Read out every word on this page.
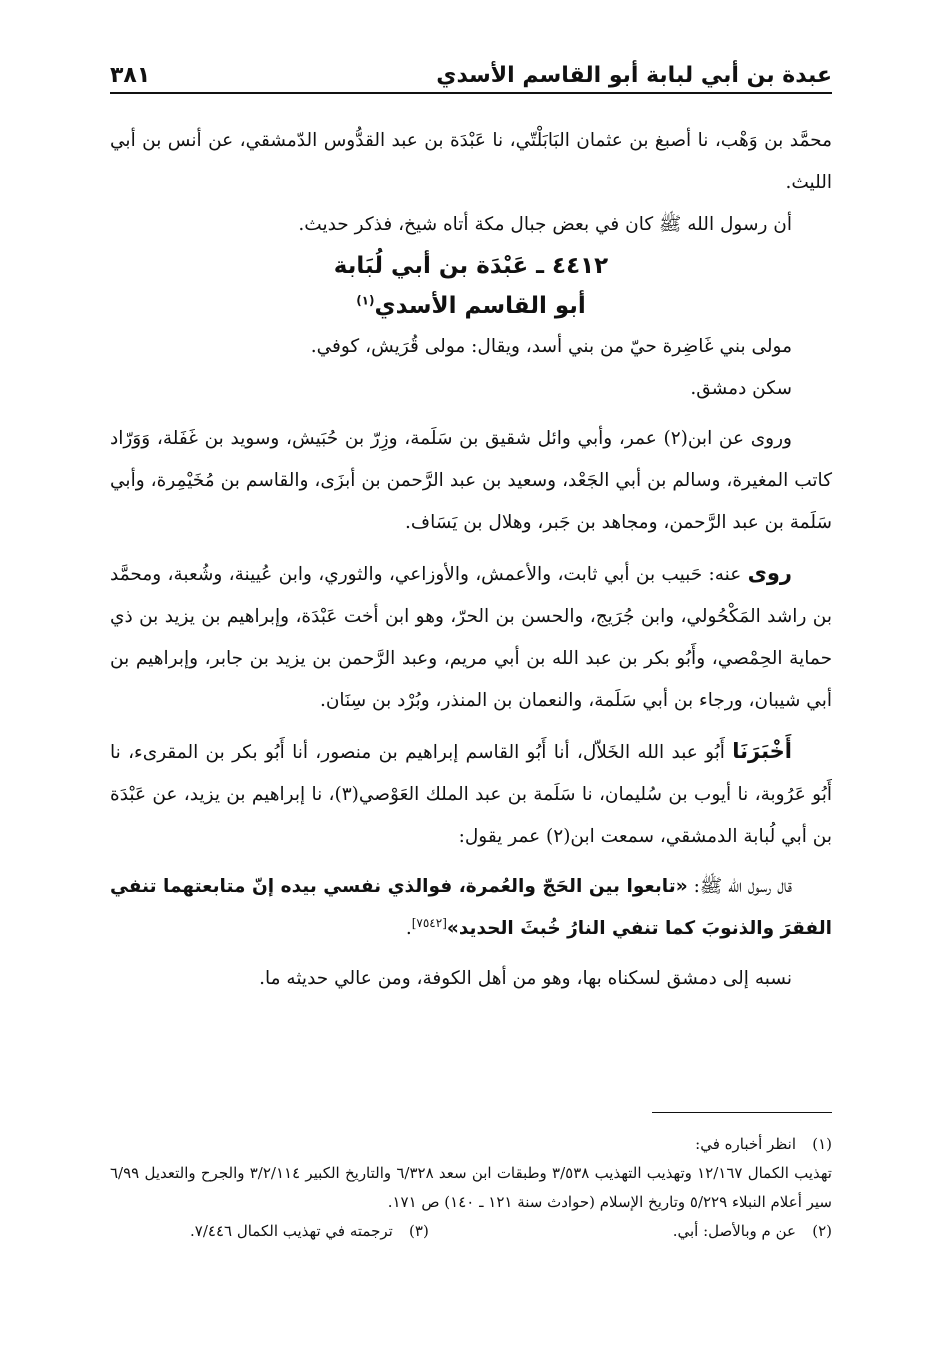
عبدة بن أبي لبابة أبو القاسم الأسدي
٣٨١

محمَّد بن وَهْب، نا أصبغ بن عثمان البَابَلْتّي، نا عَبْدَة بن عبد القدُّوس الدّمشقي، عن أنس بن أبي الليث.

أن رسول الله ﷺ كان في بعض جبال مكة أتاه شيخ، فذكر حديث.

٤٤١٢ ـ عَبْدَة بن أبي لُبَابة
أبو القاسم الأسدي$^{(١)}$

مولى بني غَاضِرة حيّ من بني أسد، ويقال: مولى قُرَيش، كوفي.

سكن دمشق.

وروى عن ابن(٢) عمر، وأبي وائل شقيق بن سَلَمة، وزِرّ بن حُبَيش، وسويد بن غَفَلة، وَوَرّاد كاتب المغيرة، وسالم بن أبي الجَعْد، وسعيد بن عبد الرَّحمن بن أبزَى، والقاسم بن مُخَيْمِرة، وأبي سَلَمة بن عبد الرَّحمن، ومجاهد بن جَبر، وهلال بن يَسَاف.

روى عنه: حَبيب بن أبي ثابت، والأعمش، والأوزاعي، والثوري، وابن عُيينة، وشُعبة، ومحمَّد بن راشد المَكْحُولي، وابن جُرَيج، والحسن بن الحرّ، وهو ابن أخت عَبْدَة، وإبراهيم بن يزيد بن ذي حماية الحِمْصي، وأَبُو بكر بن عبد الله بن أبي مريم، وعبد الرَّحمن بن يزيد بن جابر، وإبراهيم بن أبي شيبان، ورجاء بن أبي سَلَمة، والنعمان بن المنذر، وبُرْد بن سِنَان.

أَخْبَرَنَا أَبُو عبد الله الخَلاّل، أنا أَبُو القاسم إبراهيم بن منصور، أنا أَبُو بكر بن المقرىء، نا أَبُو عَرُوبة، نا أيوب بن سُليمان، نا سَلَمة بن عبد الملك العَوْصي(٣)، نا إبراهيم بن يزيد، عن عَبْدَة بن أبي لُبابة الدمشقي، سمعت ابن(٢) عمر يقول:

قال رسول الله ﷺ: «تابعوا بين الحَجّ والعُمرة، فوالذي نفسي بيده إنّ متابعتهما تنفي الفقرَ والذنوبَ كما تنفي النارُ خُبثَ الحديد»[٧٥٤٢].

نسبه إلى دمشق لسكناه بها، وهو من أهل الكوفة، ومن عالي حديثه ما.

(١)انظر أخباره في:

تهذيب الكمال ١٢/١٦٧ وتهذيب التهذيب ٣/٥٣٨ وطبقات ابن سعد ٦/٣٢٨ والتاريخ الكبير ٣/٢/١١٤ والجرح والتعديل ٦/٩٩ سير أعلام النبلاء ٥/٢٢٩ وتاريخ الإسلام (حوادث سنة ١٢١ ـ ١٤٠) ص ١٧١.

(٢)عن م وبالأصل: أبي.
(٣)ترجمته في تهذيب الكمال ٧/٤٤٦.
